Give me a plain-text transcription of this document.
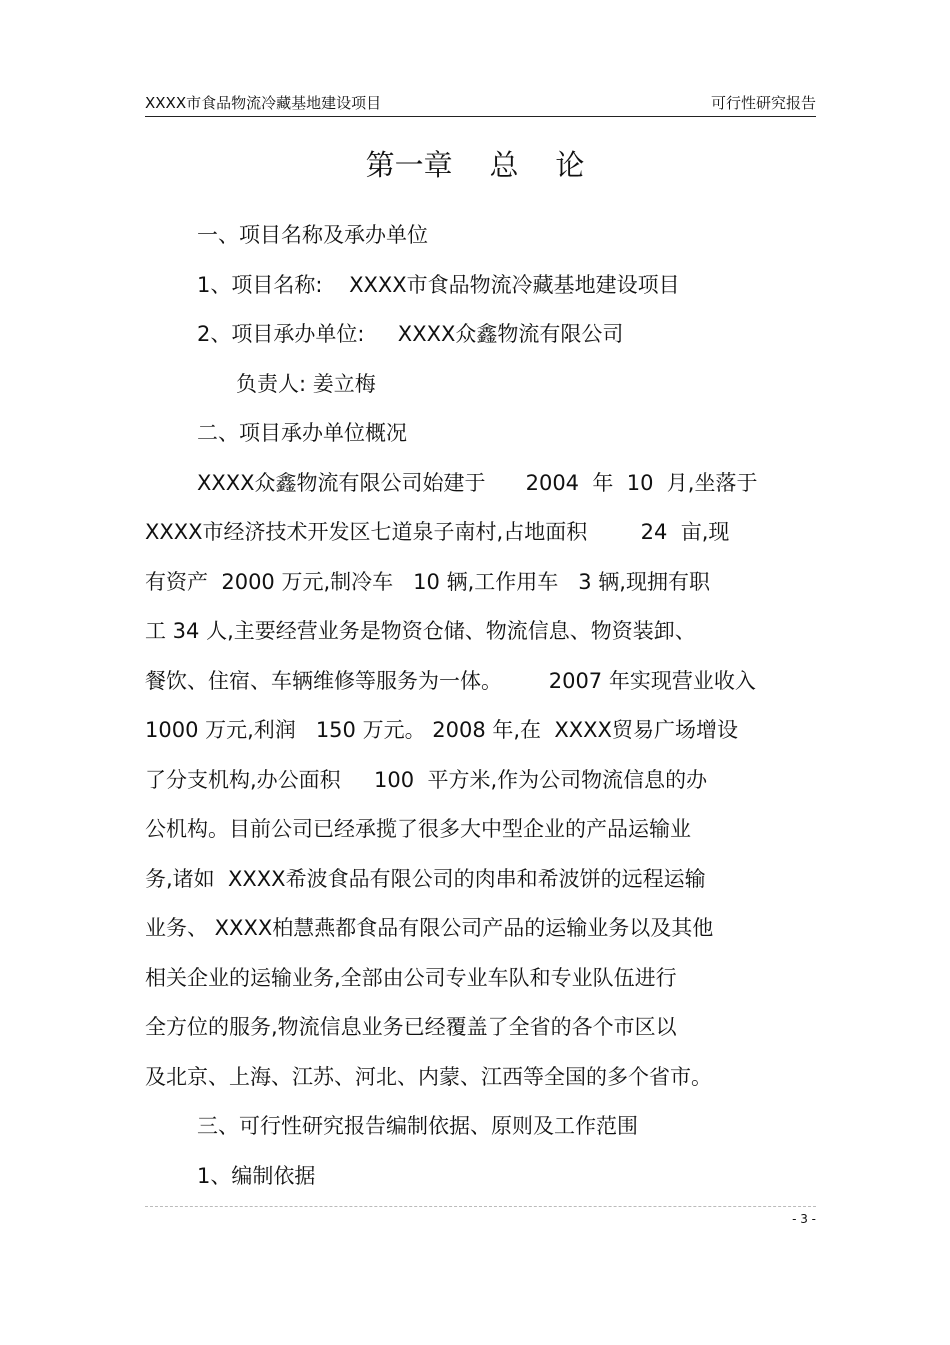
XXXX市食品物流冷藏基地建设项目	可行性研究报告
第一章    总    论
一、项目名称及承办单位
1、项目名称:    XXXX市食品物流冷藏基地建设项目
2、项目承办单位:     XXXX众鑫物流有限公司
负责人: 姜立梅
二、项目承办单位概况
XXXX众鑫物流有限公司始建于      2004  年  10  月,坐落于
XXXX市经济技术开发区七道泉子南村,占地面积        24  亩,现
有资产  2000 万元,制冷车   10 辆,工作用车   3 辆,现拥有职
工 34 人,主要经营业务是物资仓储、物流信息、物资装卸、
餐饮、住宿、车辆维修等服务为一体。       2007 年实现营业收入
1000 万元,利润   150 万元。 2008 年,在  XXXX贸易广场增设
了分支机构,办公面积     100  平方米,作为公司物流信息的办
公机构。目前公司已经承揽了很多大中型企业的产品运输业
务,诸如  XXXX希波食品有限公司的肉串和希波饼的远程运输
业务、 XXXX柏慧燕都食品有限公司产品的运输业务以及其他
相关企业的运输业务,全部由公司专业车队和专业队伍进行
全方位的服务,物流信息业务已经覆盖了全省的各个市区以
及北京、上海、江苏、河北、内蒙、江西等全国的多个省市。
三、可行性研究报告编制依据、原则及工作范围
1、编制依据
- 3 -
